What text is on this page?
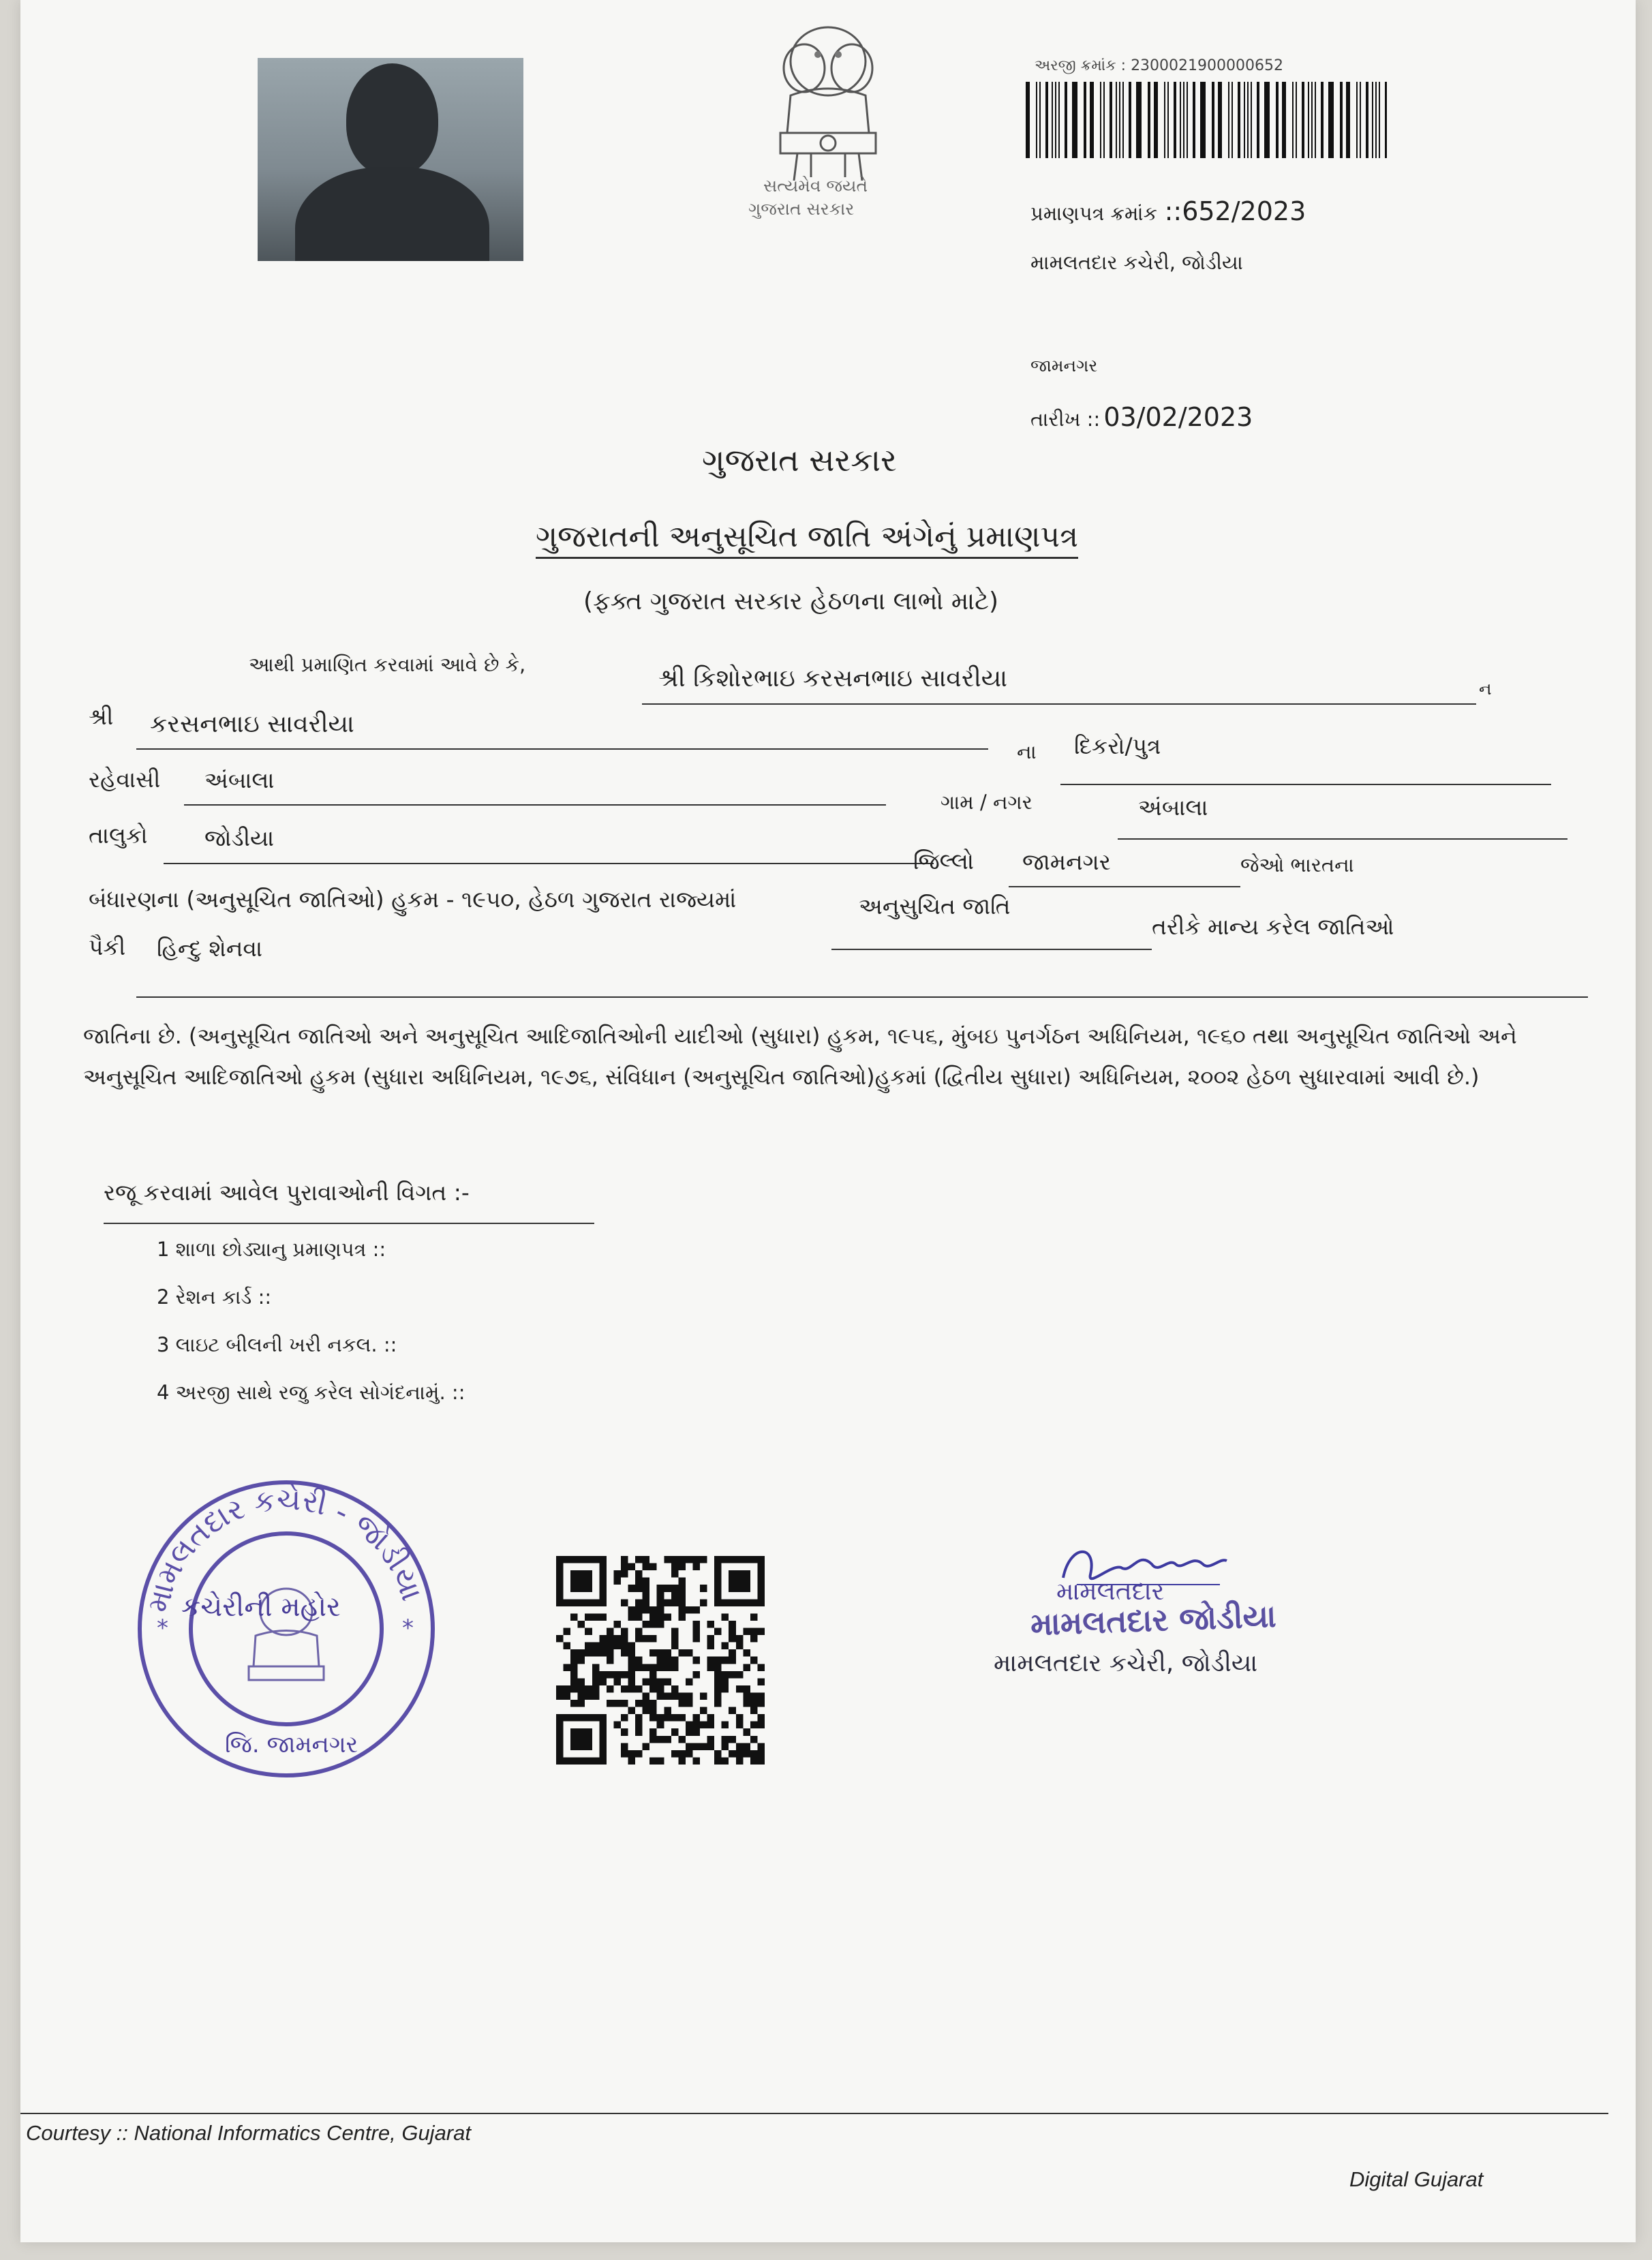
સત્યમેવ જયતે
ગુજરાત સરકાર
અરજી ક્રમાંક : 2300021900000652
પ્રમાણપત્ર ક્રમાંક ::652/2023
મામલતદાર કચેરી, જોડીયા
જામનગર
તારીખ :: 03/02/2023
ગુજરાત સરકાર
ગુજરાતની અનુસૂચિત જાતિ અંગેનું પ્રમાણપત્ર
(ફક્ત ગુજરાત સરકાર હેઠળના લાભો માટે)
આથી પ્રમાણિત કરવામાં આવે છે કે,	શ્રી કિશોરભાઇ કરસનભાઇ સાવરીયા	ન
શ્રી	કરસનભાઇ સાવરીયા
ના	દિકરો/પુત્ર
રહેવાસી	અંબાલા
ગામ / નગર	અંબાલા
તાલુકો	જોડીયા
જિલ્લો	જામનગર	જેઓ ભારતના
બંધારણના (અનુસૂચિત જાતિઓ) હુકમ - ૧૯૫૦, હેઠળ ગુજરાત રાજ્યમાં	અનુસુચિત જાતિ
તરીકે માન્ય કરેલ જાતિઓ
પૈકી	હિન્દુ શેનવા
જાતિના છે. (અનુસૂચિત જાતિઓ અને અનુસૂચિત આદિજાતિઓની યાદીઓ (સુધારા) હુકમ, ૧૯૫૬, મુંબઇ પુનર્ગઠન અધિનિયમ, ૧૯૬૦ તથા અનુસૂચિત જાતિઓ અને અનુસૂચિત આદિજાતિઓ હુકમ (સુધારા અધિનિયમ, ૧૯૭૬, સંવિધાન (અનુસૂચિત જાતિઓ)હુકમાં (દ્વિતીય સુધારા) અધિનિયમ, ૨૦૦૨ હેઠળ સુધારવામાં આવી છે.)
રજૂ કરવામાં આવેલ પુરાવાઓની વિગત :-
1 શાળા છોડ્યાનુ પ્રમાણપત્ર ::
2 રેશન કાર્ડ ::
3 લાઇટ બીલની ખરી નકલ. ::
4 અરજી સાથે રજુ કરેલ સોગંદનામું. ::
મામલતદાર કચેરી - જોડીયા
*	*
કચેરીની મહોર
જિ. જામનગર
મામલતદાર
મામલતદાર જોડીયા
મામલતદાર કચેરી, જોડીયા
Courtesy :: National Informatics Centre, Gujarat
Digital Gujarat
